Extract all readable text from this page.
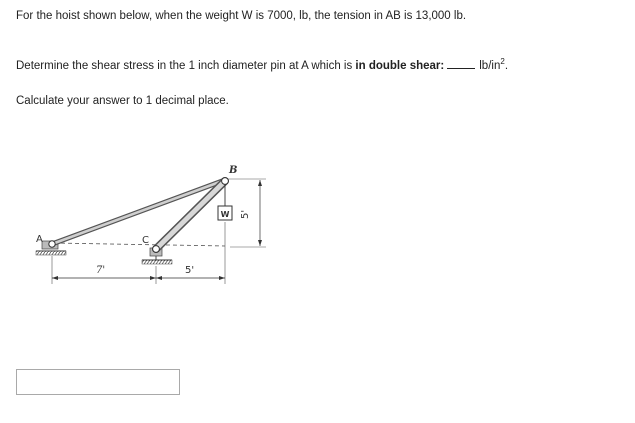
For the hoist shown below, when the weight W is 7000, lb, the tension in AB is 13,000 lb.
Determine the shear stress in the 1 inch diameter pin at A which is in double shear:	$lb/in^2$.
Calculate your answer to 1 decimal place.
A
B
C
W
7'	5'
5'
